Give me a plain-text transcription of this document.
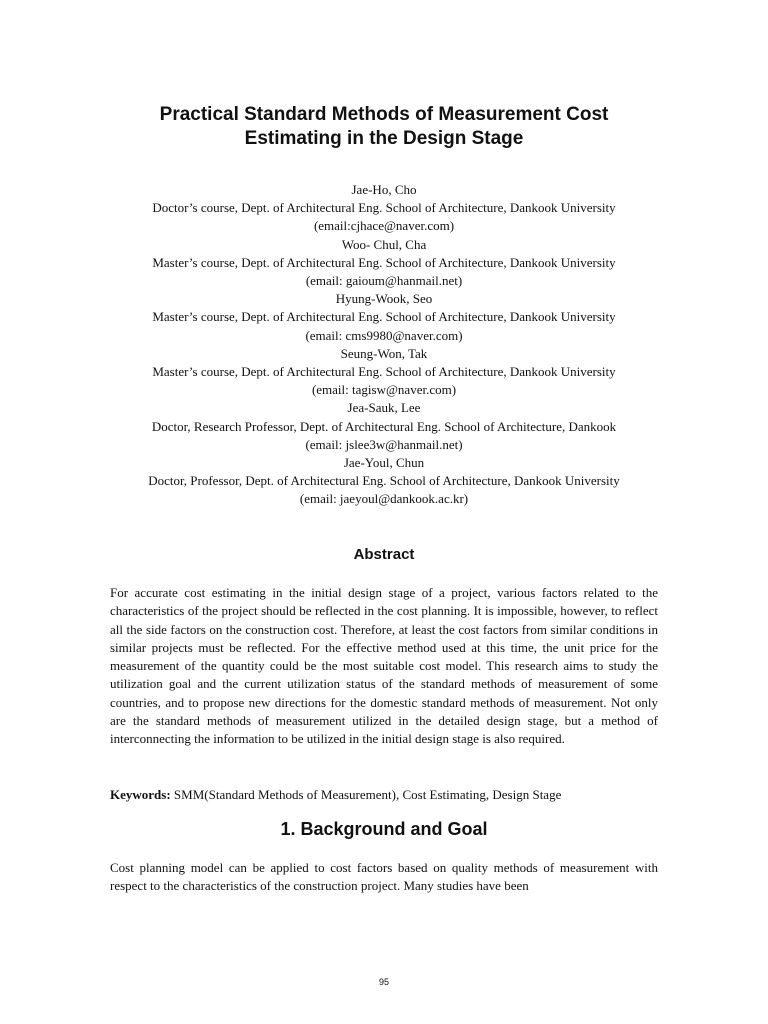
Practical Standard Methods of Measurement Cost
Estimating in the Design Stage
Jae-Ho, Cho
Doctor’s course, Dept. of Architectural Eng. School of Architecture, Dankook University
(email:cjhace@naver.com)
Woo- Chul, Cha
Master’s course, Dept. of Architectural Eng. School of Architecture, Dankook University
(email: gaioum@hanmail.net)
Hyung-Wook, Seo
Master’s course, Dept. of Architectural Eng. School of Architecture, Dankook University
(email: cms9980@naver.com)
Seung-Won, Tak
Master’s course, Dept. of Architectural Eng. School of Architecture, Dankook University
(email: tagisw@naver.com)
Jea-Sauk, Lee
Doctor, Research Professor, Dept. of Architectural Eng. School of Architecture, Dankook
(email: jslee3w@hanmail.net)
Jae-Youl, Chun
Doctor, Professor, Dept. of Architectural Eng. School of Architecture, Dankook University
(email: jaeyoul@dankook.ac.kr)
Abstract

For accurate cost estimating in the initial design stage of a project, various factors related to the characteristics of the project should be reflected in the cost planning. It is impossible, however, to reflect all the side factors on the construction cost. Therefore, at least the cost factors from similar conditions in similar projects must be reflected. For the effective method used at this time, the unit price for the measurement of the quantity could be the most suitable cost model. This research aims to study the utilization goal and the current utilization status of the standard methods of measurement of some countries, and to propose new directions for the domestic standard methods of measurement. Not only are the standard methods of measurement utilized in the detailed design stage, but a method of interconnecting the information to be utilized in the initial design stage is also required.

Keywords: SMM(Standard Methods of Measurement), Cost Estimating, Design Stage

1. Background and Goal

Cost planning model can be applied to cost factors based on quality methods of measurement with respect to the characteristics of the construction project. Many studies have been

95
